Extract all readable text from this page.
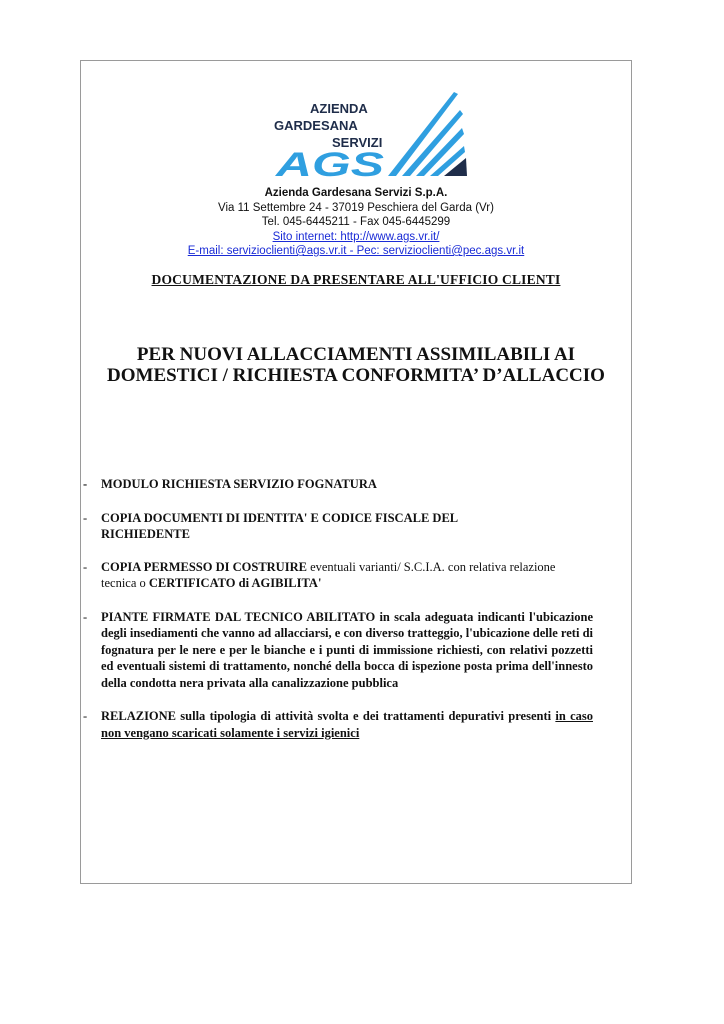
AZIENDA
GARDESANA
SERVIZI
AGS
Azienda Gardesana Servizi S.p.A.
Via 11 Settembre 24 - 37019 Peschiera del Garda (Vr)
Tel. 045-6445211 - Fax 045-6445299
Sito internet: http://www.ags.vr.it/
E-mail: servizioclienti@ags.vr.it - Pec: servizioclienti@pec.ags.vr.it
DOCUMENTAZIONE DA PRESENTARE ALL'UFFICIO CLIENTI
PER NUOVI ALLACCIAMENTI ASSIMILABILI AI
DOMESTICI / RICHIESTA CONFORMITA’ D’ALLACCIO
- MODULO RICHIESTA SERVIZIO FOGNATURA
- COPIA DOCUMENTI DI IDENTITA' E CODICE FISCALE DEL RICHIEDENTE
- COPIA PERMESSO DI COSTRUIRE eventuali varianti/ S.C.I.A. con relativa relazione tecnica o CERTIFICATO di AGIBILITA'
- PIANTE FIRMATE DAL TECNICO ABILITATO in scala adeguata indicanti l'ubicazione degli insediamenti che vanno ad allacciarsi, e con diverso tratteggio, l'ubicazione delle reti di fognatura per le nere e per le bianche e i punti di immissione richiesti, con relativi pozzetti ed eventuali sistemi di trattamento, nonché della bocca di ispezione posta prima dell'innesto della condotta nera privata alla canalizzazione pubblica
- RELAZIONE sulla tipologia di attività svolta e dei trattamenti depurativi presenti in caso non vengano scaricati solamente i servizi igienici
